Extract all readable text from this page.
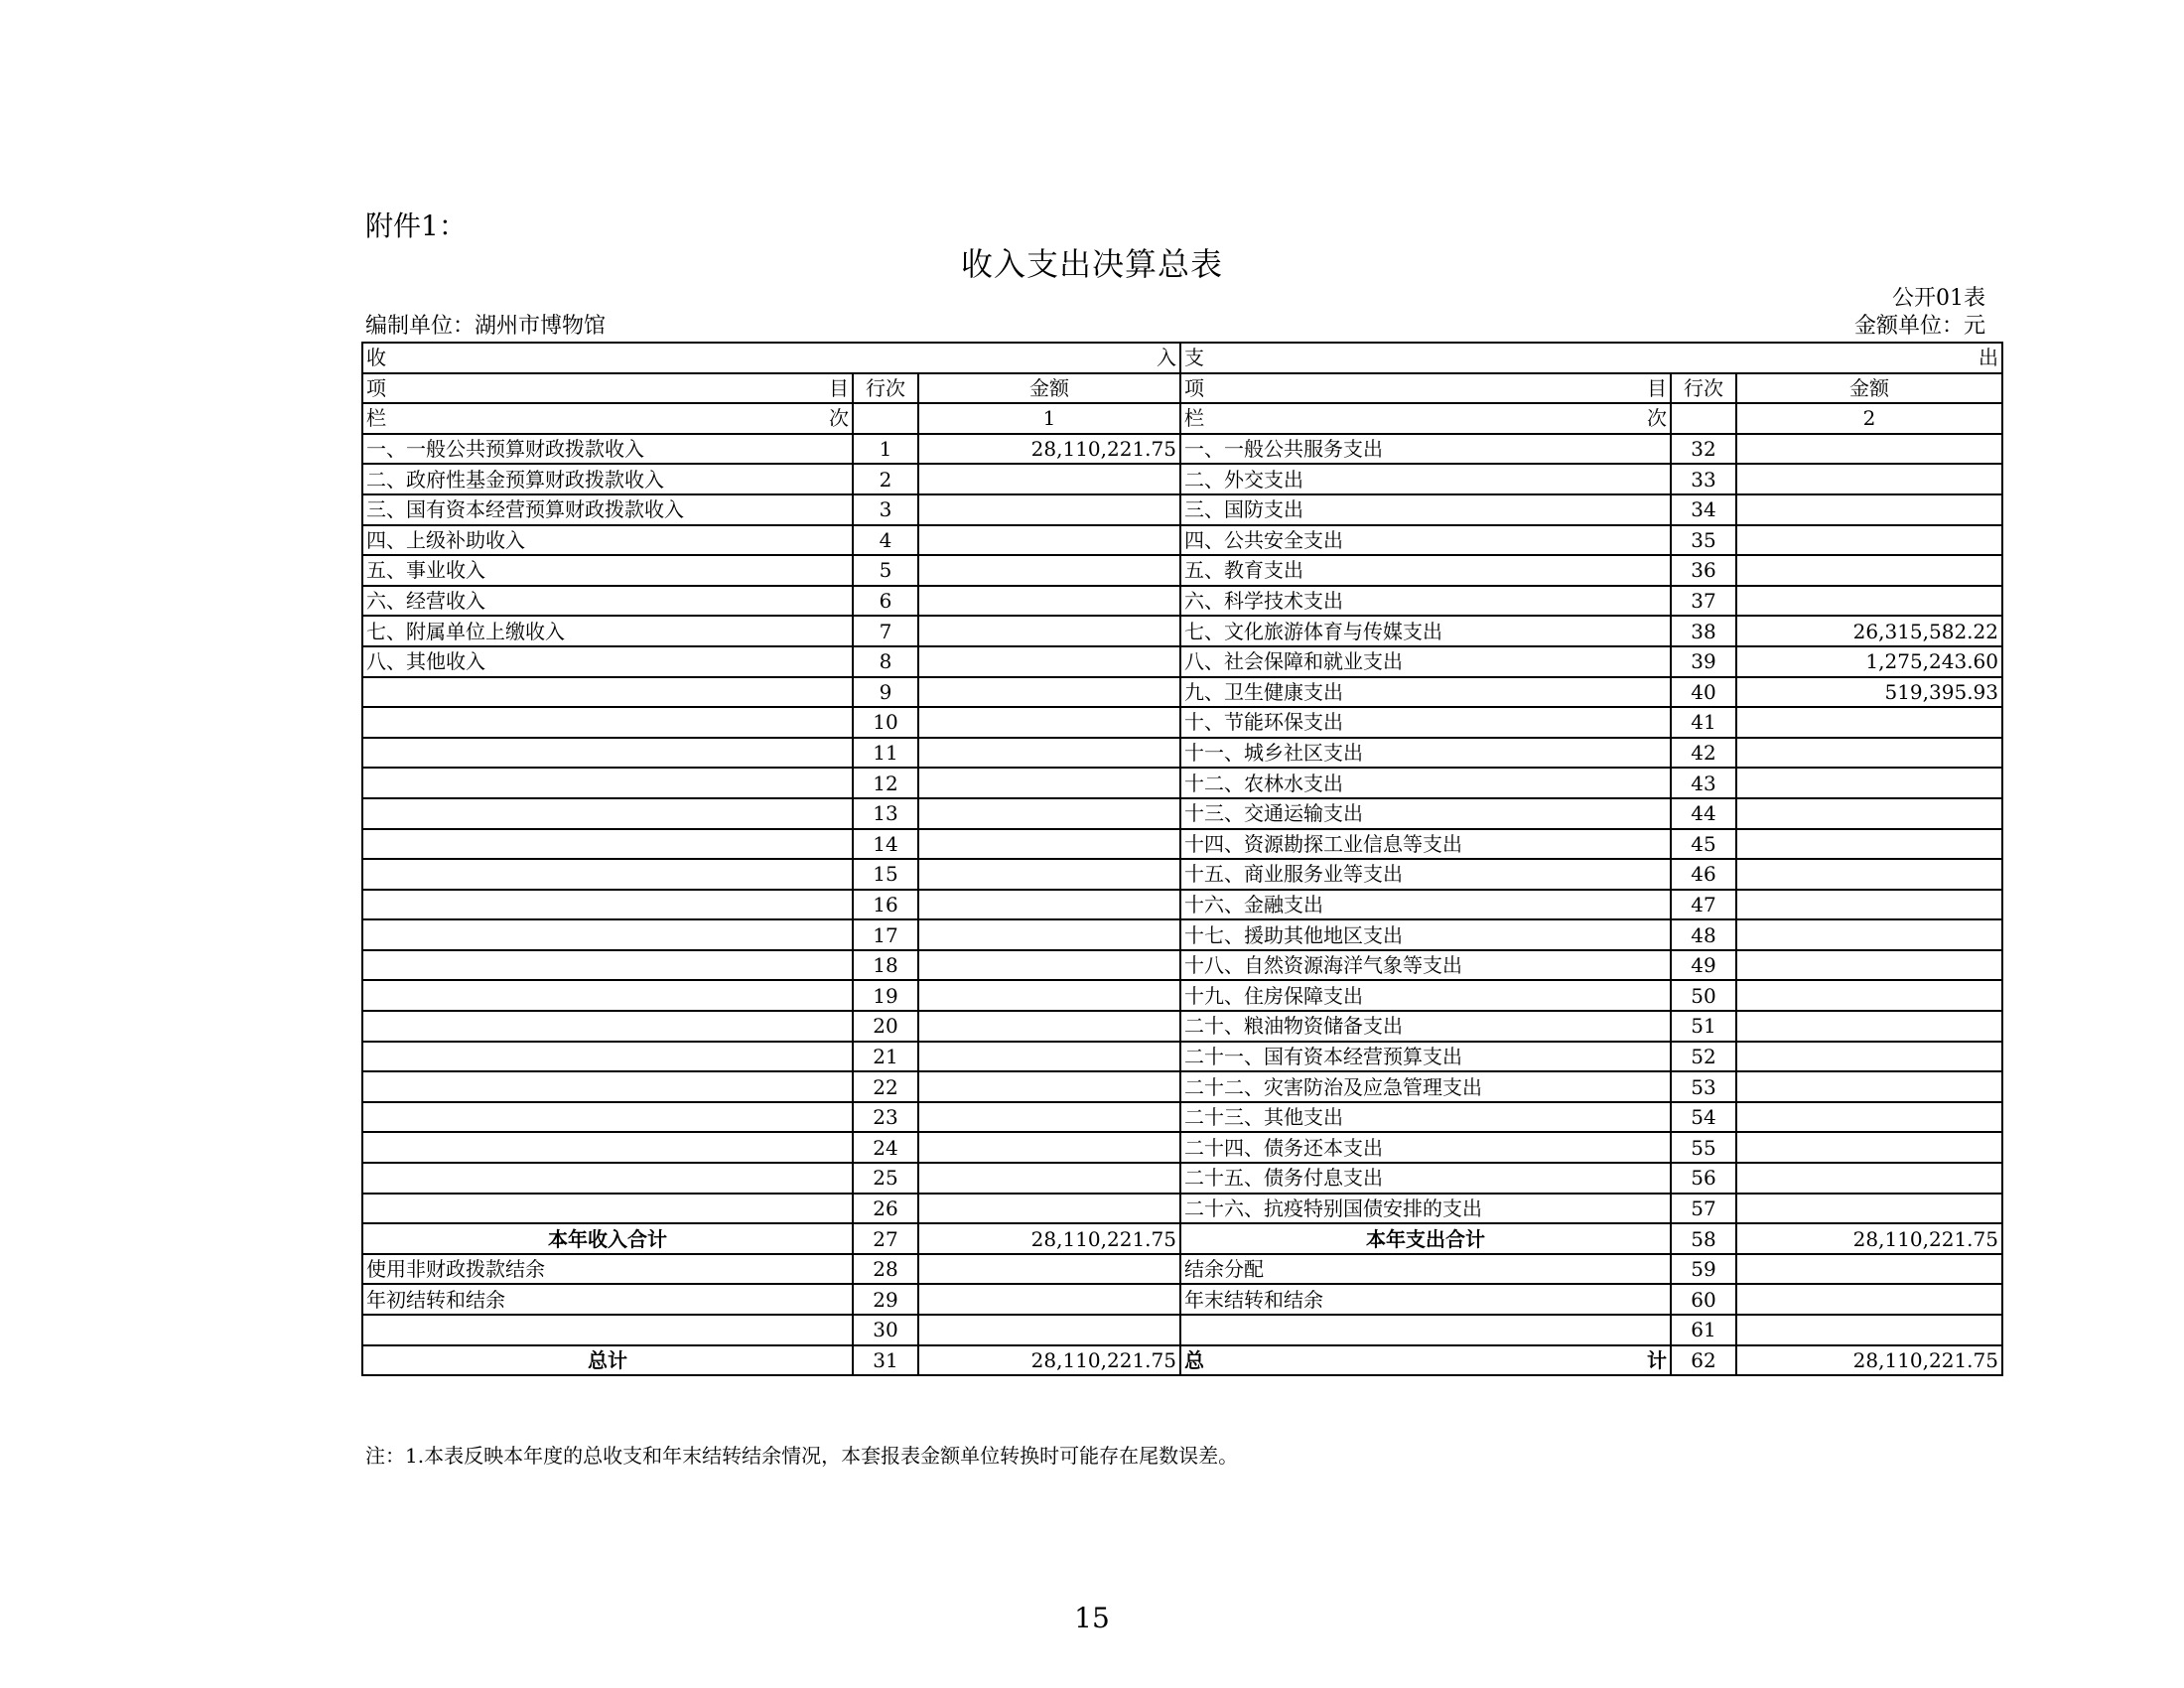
附件1：
收入支出决算总表
公开01表
编制单位：湖州市博物馆	金额单位：元
收 入			支 出		

项 目	行次	金额	项 目	行次	金额

栏 次		1	栏 次		2
一、一般公共预算财政拨款收入	1	28,110,221.75	一、一般公共服务支出	32	
二、政府性基金预算财政拨款收入	2		二、外交支出	33	
三、国有资本经营预算财政拨款收入	3		三、国防支出	34	
四、上级补助收入	4		四、公共安全支出	35	
五、事业收入	5		五、教育支出	36	
六、经营收入	6		六、科学技术支出	37	
七、附属单位上缴收入	7		七、文化旅游体育与传媒支出	38	26,315,582.22
八、其他收入	8		八、社会保障和就业支出	39	1,275,243.60
	9		九、卫生健康支出	40	519,395.93
	10		十、节能环保支出	41	
	11		十一、城乡社区支出	42	
	12		十二、农林水支出	43	
	13		十三、交通运输支出	44	
	14		十四、资源勘探工业信息等支出	45	
	15		十五、商业服务业等支出	46	
	16		十六、金融支出	47	
	17		十七、援助其他地区支出	48	
	18		十八、自然资源海洋气象等支出	49	
	19		十九、住房保障支出	50	
	20		二十、粮油物资储备支出	51	
	21		二十一、国有资本经营预算支出	52	
	22		二十二、灾害防治及应急管理支出	53	
	23		二十三、其他支出	54	
	24		二十四、债务还本支出	55	
	25		二十五、债务付息支出	56	
	26		二十六、抗疫特别国债安排的支出	57	
本年收入合计	27	28,110,221.75	本年支出合计	58	28,110,221.75
使用非财政拨款结余	28		结余分配	59	
年初结转和结余	29		年末结转和结余	60	
	30			61	
总计	31	28,110,221.75	总 计	62	28,110,221.75
注：1.本表反映本年度的总收支和年末结转结余情况，本套报表金额单位转换时可能存在尾数误差。
15
